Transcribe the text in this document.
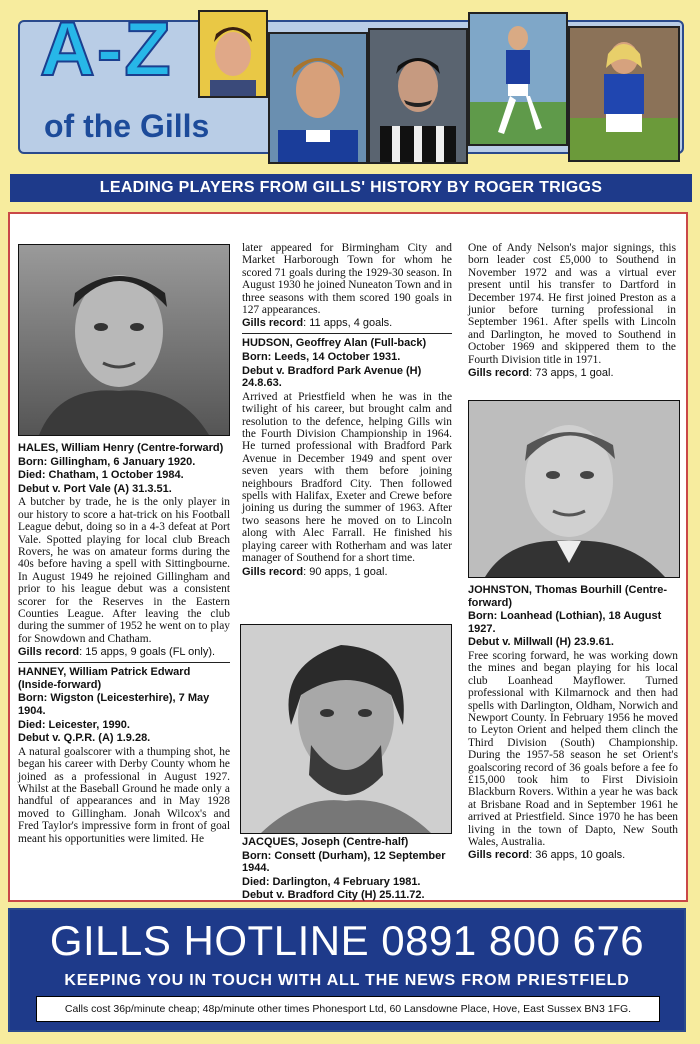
A-Z
of the Gills
LEADING PLAYERS FROM GILLS' HISTORY BY ROGER TRIGGS

HALES, William Henry (Centre-forward)

Born: Gillingham, 6 January 1920.

Died: Chatham, 1 October 1984.

Debut v. Port Vale (A) 31.3.51.

A butcher by trade, he is the only player in our history to score a hat-trick on his Football League debut, doing so in a 4-3 defeat at Port Vale. Spotted playing for local club Breach Rovers, he was on amateur forms during the 40s before having a spell with Sittingbourne. In August 1949 he rejoined Gillingham and prior to his league debut was a consistent scorer for the Reserves in the Eastern Counties League. After leaving the club during the summer of 1952 he went on to play for Snowdown and Chatham.

Gills record: 15 apps, 9 goals (FL only).

HANNEY, William Patrick Edward (Inside-forward)

Born: Wigston (Leicesterhire), 7 May 1904.

Died: Leicester, 1990.

Debut v. Q.P.R. (A) 1.9.28.

A natural goalscorer with a thumping shot, he began his career with Derby County whom he joined as a professional in August 1927. Whilst at the Baseball Ground he made only a handful of appearances and in May 1928 moved to Gillingham. Jonah Wilcox's and Fred Taylor's impressive form in front of goal meant his opportunities were limited. He

later appeared for Birmingham City and Market Harborough Town for whom he scored 71 goals during the 1929-30 season. In August 1930 he joined Nuneaton Town and in three seasons with them scored 190 goals in 127 appearances.

Gills record: 11 apps, 4 goals.

HUDSON, Geoffrey Alan (Full-back)

Born: Leeds, 14 October 1931.

Debut v. Bradford Park Avenue (H) 24.8.63.

Arrived at Priestfield when he was in the twilight of his career, but brought calm and resolution to the defence, helping Gills win the Fourth Division Championship in 1964. He turned professional with Bradford Park Avenue in December 1949 and spent over seven years with them before joining neighbours Bradford City. Then followed spells with Halifax, Exeter and Crewe before joining us during the summer of 1963. After two seasons here he moved on to Lincoln along with Alec Farrall. He finished his playing career with Rotherham and was later manager of Southend for a short time.

Gills record: 90 apps, 1 goal.

JACQUES, Joseph (Centre-half)

Born: Consett (Durham), 12 September 1944.

Died: Darlington, 4 February 1981.

Debut v. Bradford City (H) 25.11.72.

One of Andy Nelson's major signings, this born leader cost £5,000 to Southend in November 1972 and was a virtual ever present until his transfer to Dartford in December 1974. He first joined Preston as a junior before turning professional in September 1961. After spells with Lincoln and Darlington, he moved to Southend in October 1969 and skippered them to the Fourth Division title in 1971.

Gills record: 73 apps, 1 goal.

JOHNSTON, Thomas Bourhill (Centre-forward)

Born: Loanhead (Lothian), 18 August 1927.

Debut v. Millwall (H) 23.9.61.

Free scoring forward, he was working down the mines and began playing for his local club Loanhead Mayflower. Turned professional with Kilmarnock and then had spells with Darlington, Oldham, Norwich and Newport County. In February 1956 he moved to Leyton Orient and helped them clinch the Third Division (South) Championship. During the 1957-58 season he set Orient's goalscoring record of 36 goals before a fee fo £15,000 took him to First Divisioin Blackburn Rovers. Within a year he was back at Brisbane Road and in September 1961 he arrived at Priestfield. Since 1970 he has been living in the town of Dapto, New South Wales, Australia.

Gills record: 36 apps, 10 goals.

GILLS HOTLINE 0891 800 676
KEEPING YOU IN TOUCH WITH ALL THE NEWS FROM PRIESTFIELD
Calls cost 36p/minute cheap; 48p/minute other times Phonesport Ltd, 60 Lansdowne Place, Hove, East Sussex BN3 1FG.
